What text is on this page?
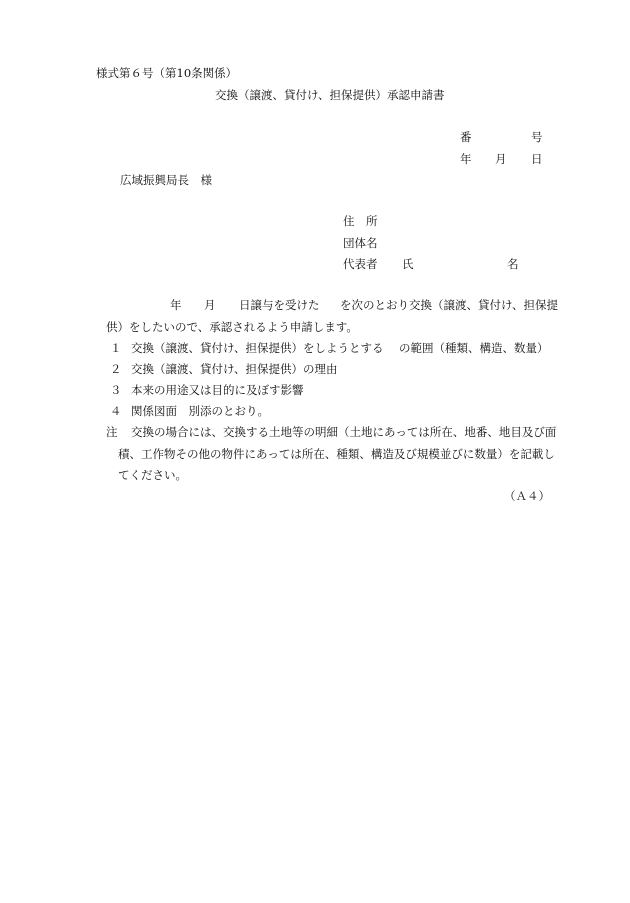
様式第６号（第10条関係）
交換（譲渡、貸付け、担保提供）承認申請書
番	号
年 月 日
広域振興局長　様
住　所
団体名
代表者 氏	名
年 月 日譲与を受けた を次のとおり交換（譲渡、貸付け、担保提
供）をしたいので、承認されるよう申請します。
１ 交換（譲渡、貸付け、担保提供）をしようとする の範囲（種類、構造、数量）
２ 交換（譲渡、貸付け、担保提供）の理由
３ 本来の用途又は目的に及ぼす影響
４ 関係図面　別添のとおり。
注 交換の場合には、交換する土地等の明細（土地にあっては所在、地番、地目及び面
積、工作物その他の物件にあっては所在、種類、構造及び規模並びに数量）を記載し
てください。
（Ａ４）
